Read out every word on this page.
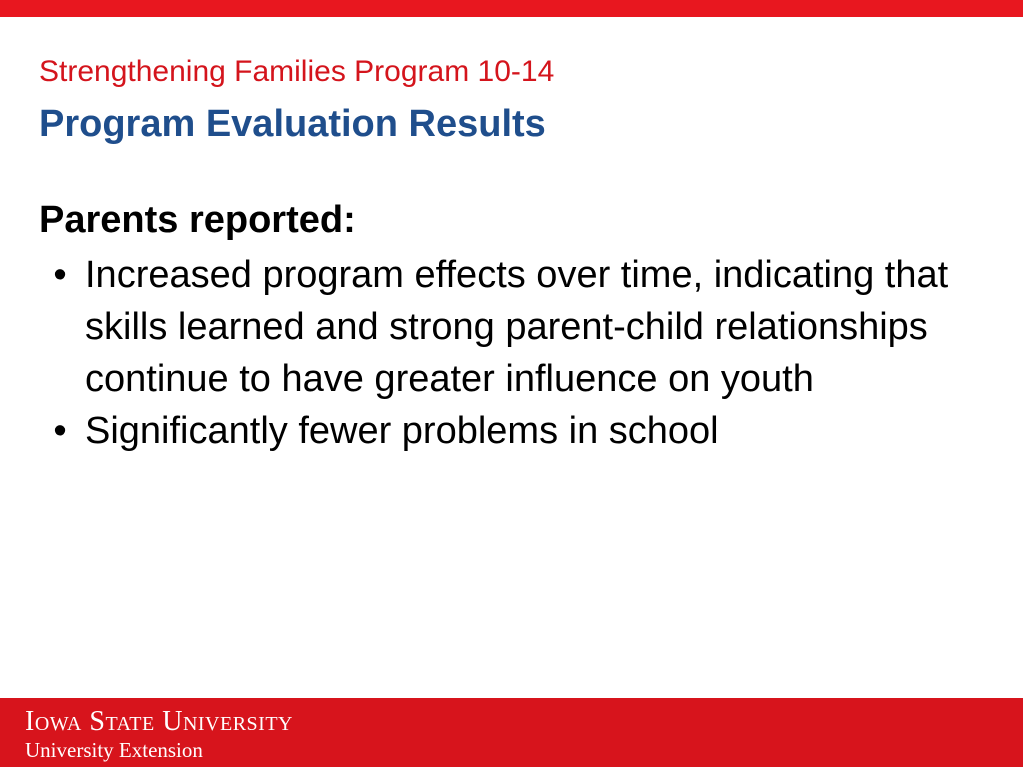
Strengthening Families Program 10-14
Program Evaluation Results
Parents reported:
• Increased program effects over time, indicating that skills learned and strong parent-child relationships continue to have greater influence on youth
• Significantly fewer problems in school
Iowa State University
University Extension
